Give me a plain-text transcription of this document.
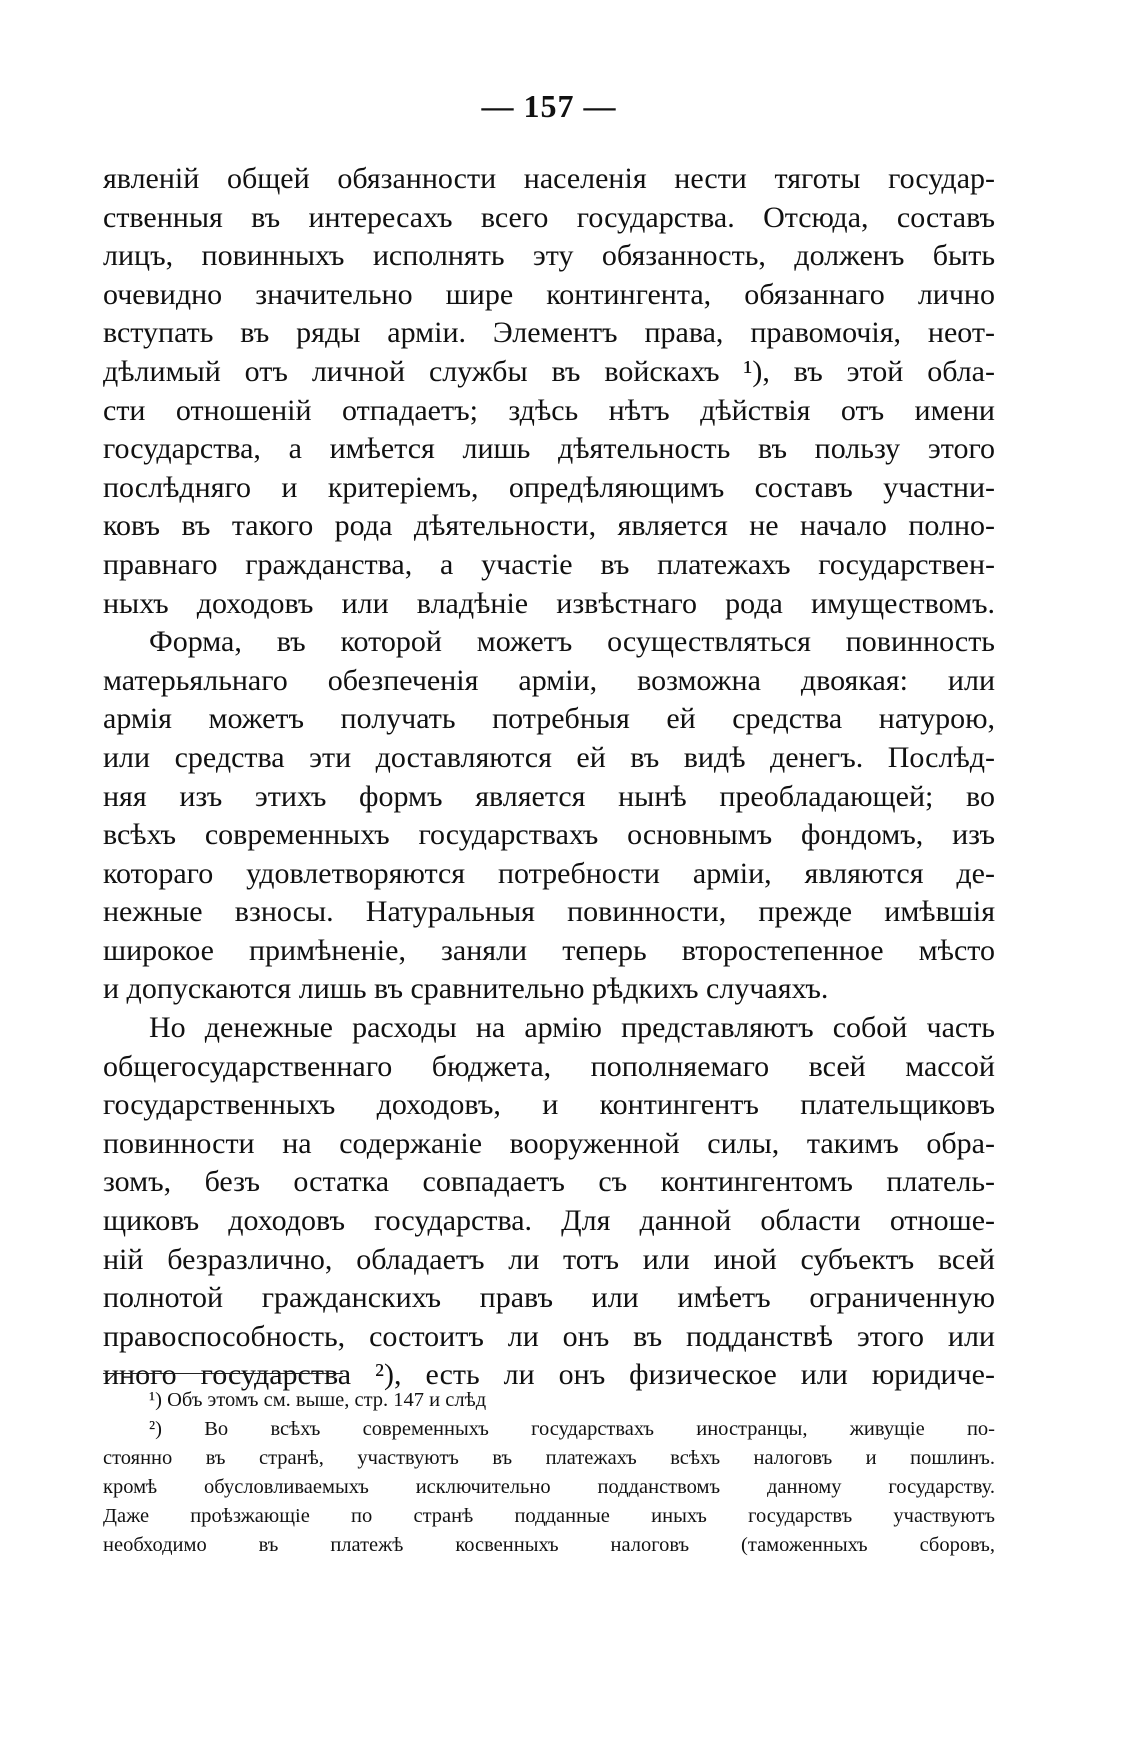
— 157 —
явленій общей обязанности населенія нести тяготы государ-
ственныя въ интересахъ всего государства. Отсюда, составъ
лицъ, повинныхъ исполнять эту обязанность, долженъ быть
очевидно значительно шире контингента, обязаннаго лично
вступать въ ряды арміи. Элементъ права, правомочія, неот-
дѣлимый отъ личной службы въ войскахъ ¹), въ этой обла-
сти отношеній отпадаетъ; здѣсь нѣтъ дѣйствія отъ имени
государства, а имѣется лишь дѣятельность въ пользу этого
послѣдняго и критеріемъ, опредѣляющимъ составъ участни-
ковъ въ такого рода дѣятельности, является не начало полно-
правнаго гражданства, а участіе въ платежахъ государствен-
ныхъ доходовъ или владѣніе извѣстнаго рода имуществомъ.
Форма, въ которой можетъ осуществляться повинность
матерьяльнаго обезпеченія арміи, возможна двоякая: или
армія можетъ получать потребныя ей средства натурою,
или средства эти доставляются ей въ видѣ денегъ. Послѣд-
няя изъ этихъ формъ является нынѣ преобладающей; во
всѣхъ современныхъ государствахъ основнымъ фондомъ, изъ
котораго удовлетворяются потребности арміи, являются де-
нежные взносы. Натуральныя повинности, прежде имѣвшія
широкое примѣненіе, заняли теперь второстепенное мѣсто
и допускаются лишь въ сравнительно рѣдкихъ случаяхъ.
Но денежные расходы на армію представляютъ собой часть
общегосударственнаго бюджета, пополняемаго всей массой
государственныхъ доходовъ, и контингентъ плательщиковъ
повинности на содержаніе вооруженной силы, такимъ обра-
зомъ, безъ остатка совпадаетъ съ контингентомъ платель-
щиковъ доходовъ государства. Для данной области отноше-
ній безразлично, обладаетъ ли тотъ или иной субъектъ всей
полнотой гражданскихъ правъ или имѣетъ ограниченную
правоспособность, состоитъ ли онъ въ подданствѣ этого или
иного государства ²), есть ли онъ физическое или юридиче-
¹) Объ этомъ см. выше, стр. 147 и слѣд
²) Во всѣхъ современныхъ государствахъ иностранцы, живущіе по-
стоянно въ странѣ, участвуютъ въ платежахъ всѣхъ налоговъ и пошлинъ.
кромѣ обусловливаемыхъ исключительно подданствомъ данному государству.
Даже проѣзжающіе по странѣ подданные иныхъ государствъ участвуютъ
необходимо въ платежѣ косвенныхъ налоговъ (таможенныхъ сборовъ,
